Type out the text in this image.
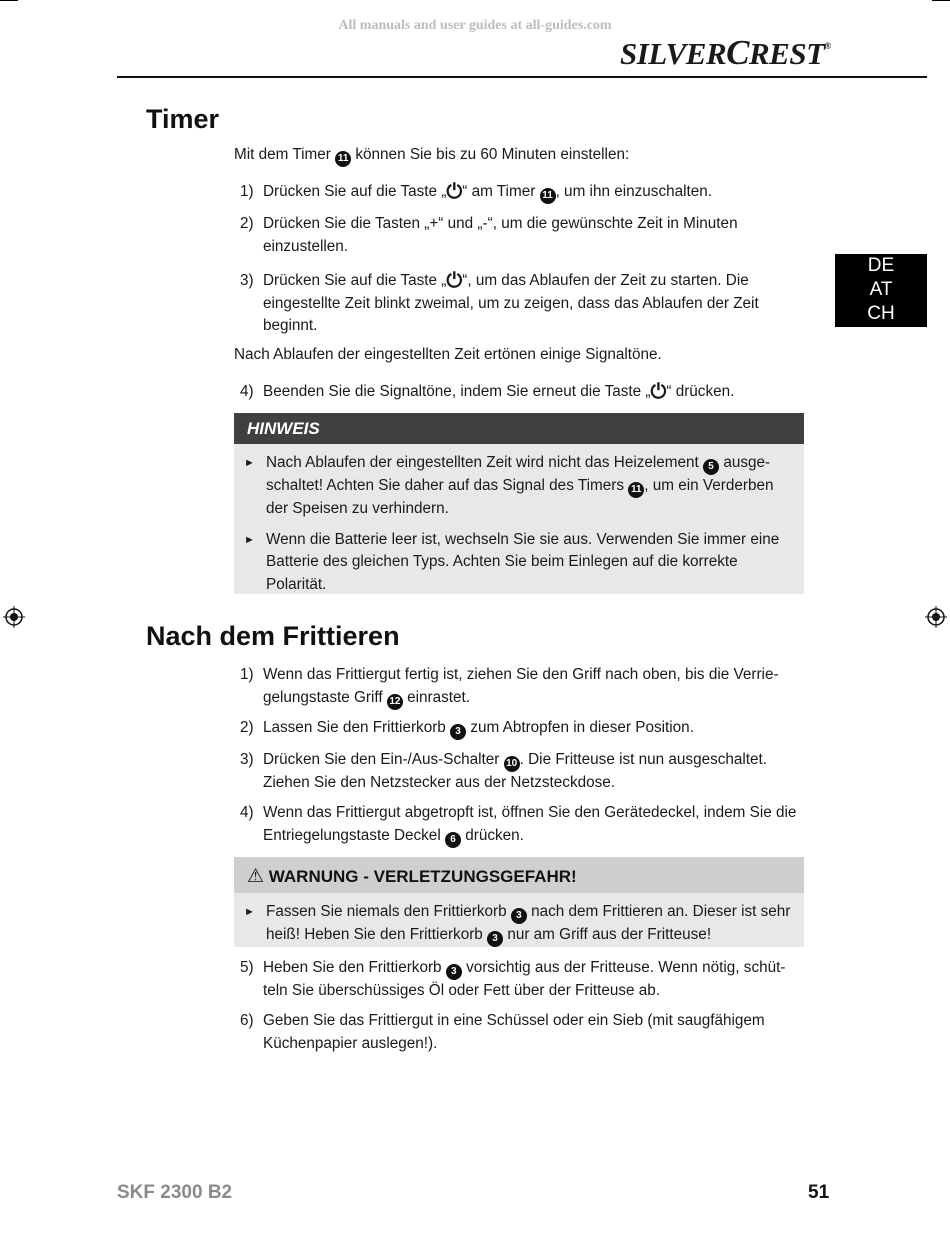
All manuals and user guides at all-guides.com
SILVERCREST®
DE
AT
CH
Timer
Mit dem Timer 11 können Sie bis zu 60 Minuten einstellen:
1) Drücken Sie auf die Taste „⏻“ am Timer 11 , um ihn einzuschalten.
2) Drücken Sie die Tasten „+“ und „-“, um die gewünschte Zeit in Minuten einzustellen.
3) Drücken Sie auf die Taste „⏻“, um das Ablaufen der Zeit zu starten. Die eingestellte Zeit blinkt zweimal, um zu zeigen, dass das Ablaufen der Zeit beginnt.
Nach Ablaufen der eingestellten Zeit ertönen einige Signaltöne.
4) Beenden Sie die Signaltöne, indem Sie erneut die Taste „⏻“ drücken.
HINWEIS
► Nach Ablaufen der eingestellten Zeit wird nicht das Heizelement 5 ausge-schaltet! Achten Sie daher auf das Signal des Timers 11 , um ein Verderben der Speisen zu verhindern.
► Wenn die Batterie leer ist, wechseln Sie sie aus. Verwenden Sie immer eine Batterie des gleichen Typs. Achten Sie beim Einlegen auf die korrekte Polarität.
Nach dem Frittieren
1) Wenn das Frittiergut fertig ist, ziehen Sie den Griff nach oben, bis die Verrie-gelungstaste Griff 12 einrastet.
2) Lassen Sie den Frittierkorb 3 zum Abtropfen in dieser Position.
3) Drücken Sie den Ein-/Aus-Schalter 10 . Die Fritteuse ist nun ausgeschaltet. Ziehen Sie den Netzstecker aus der Netzsteckdose.
4) Wenn das Frittiergut abgetropft ist, öffnen Sie den Gerätedeckel, indem Sie die Entriegelungstaste Deckel 6 drücken.
⚠ WARNUNG - VERLETZUNGSGEFAHR!
► Fassen Sie niemals den Frittierkorb 3 nach dem Frittieren an. Dieser ist sehr heiß! Heben Sie den Frittierkorb 3 nur am Griff aus der Fritteuse!
5) Heben Sie den Frittierkorb 3 vorsichtig aus der Fritteuse. Wenn nötig, schüt-teln Sie überschüssiges Öl oder Fett über der Fritteuse ab.
6) Geben Sie das Frittiergut in eine Schüssel oder ein Sieb (mit saugfähigem Küchenpapier auslegen!).
SKF 2300 B2	51
